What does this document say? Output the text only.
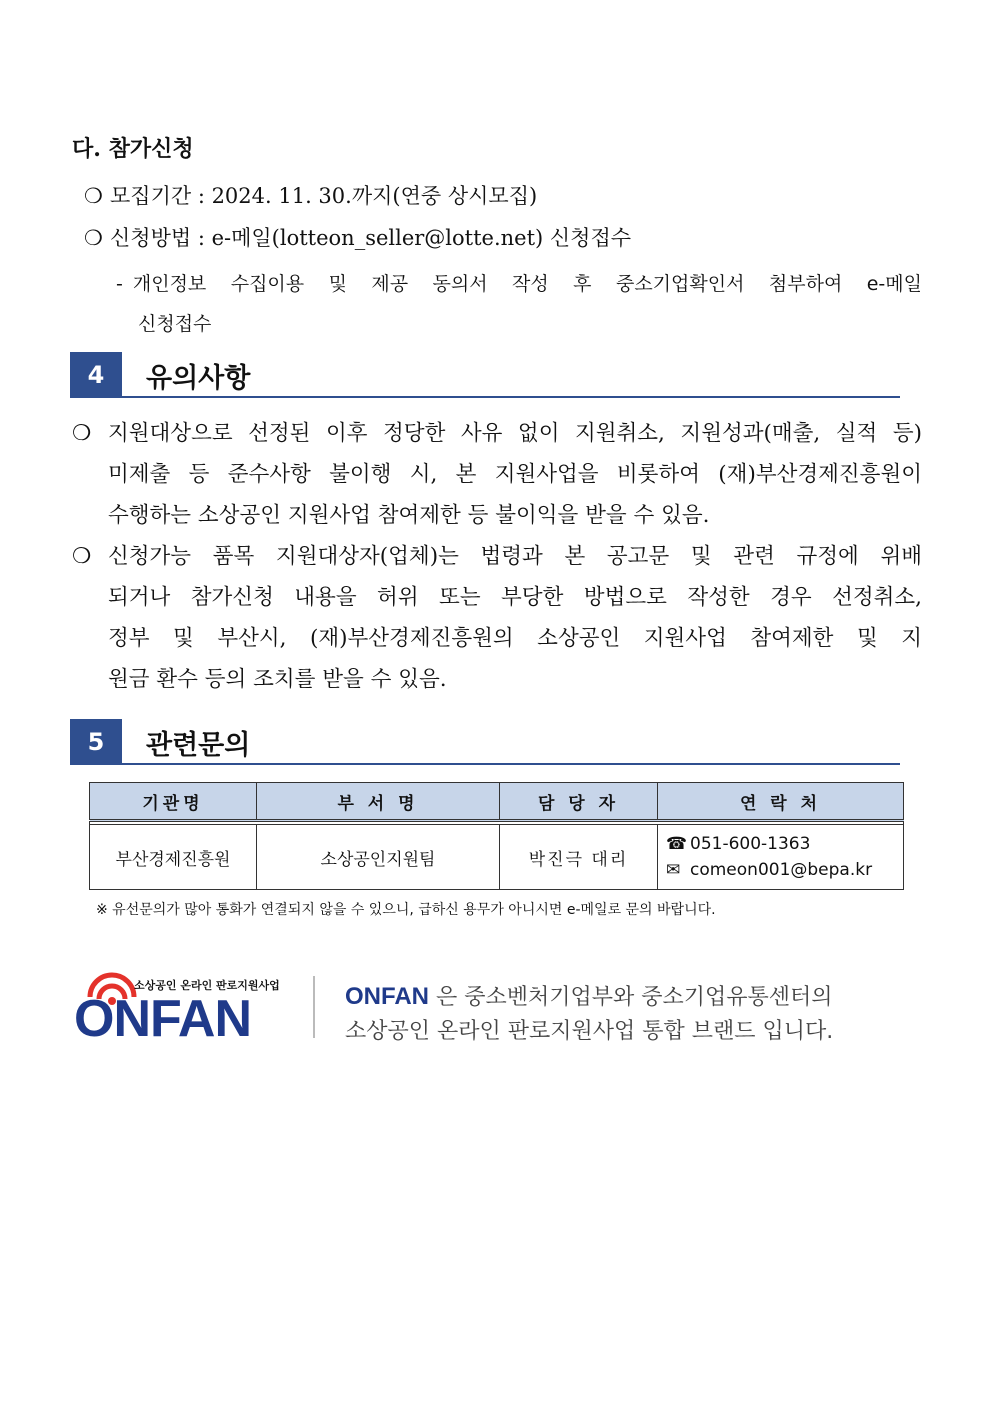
다. 참가신청
❍ 모집기간 : 2024. 11. 30.까지(연중 상시모집)
❍ 신청방법 : e-메일(lotteon_seller@lotte.net) 신청접수
- 개인정보 수집이용 및 제공 동의서 작성 후 중소기업확인서 첨부하여 e-메일
신청접수
4	유의사항
❍ 지원대상으로 선정된 이후 정당한 사유 없이 지원취소, 지원성과(매출, 실적 등)
미제출 등 준수사항 불이행 시, 본 지원사업을 비롯하여 (재)부산경제진흥원이
수행하는 소상공인 지원사업 참여제한 등 불이익을 받을 수 있음.
❍ 신청가능 품목 지원대상자(업체)는 법령과 본 공고문 및 관련 규정에 위배
되거나 참가신청 내용을 허위 또는 부당한 방법으로 작성한 경우 선정취소,
정부 및 부산시, (재)부산경제진흥원의 소상공인 지원사업 참여제한 및 지
원금 환수 등의 조치를 받을 수 있음.
5	관련문의
기관명	부 서 명	담 당 자	연 락 처

부산경제진흥원	소상공인지원팀	박진극 대리	☎ 051-600-1363
✉ comeon001@bepa.kr
※ 유선문의가 많아 통화가 연결되지 않을 수 있으니, 급하신 용무가 아니시면 e-메일로 문의 바랍니다.
소상공인 온라인 판로지원사업
ONFAN	ONFAN 은 중소벤처기업부와 중소기업유통센터의
소상공인 온라인 판로지원사업 통합 브랜드 입니다.
